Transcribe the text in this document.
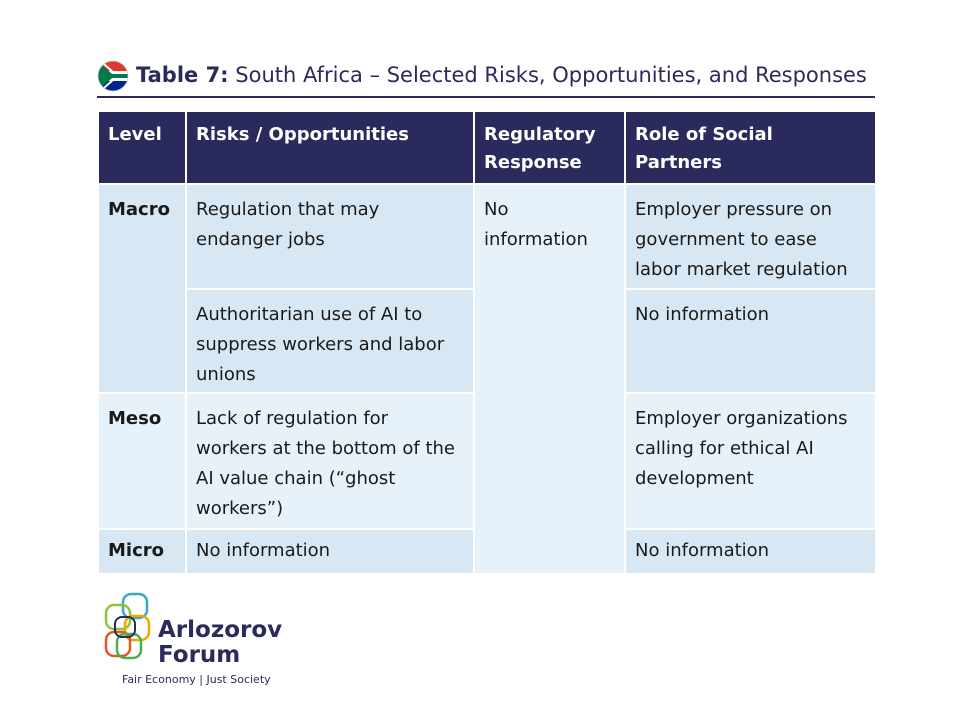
Table 7: South Africa – Selected Risks, Opportunities, and Responses
Level	Risks / Opportunities	Regulatory Response	Role of Social Partners
Macro	Regulation that may endanger jobs	No information	Employer pressure on government to ease labor market regulation
	Authoritarian use of AI to suppress workers and labor unions		No information
Meso	Lack of regulation for workers at the bottom of the AI value chain (“ghost workers”)		Employer organizations calling for ethical AI development
Micro	No information		No information
Arlozorov
Forum
Fair Economy | Just Society
